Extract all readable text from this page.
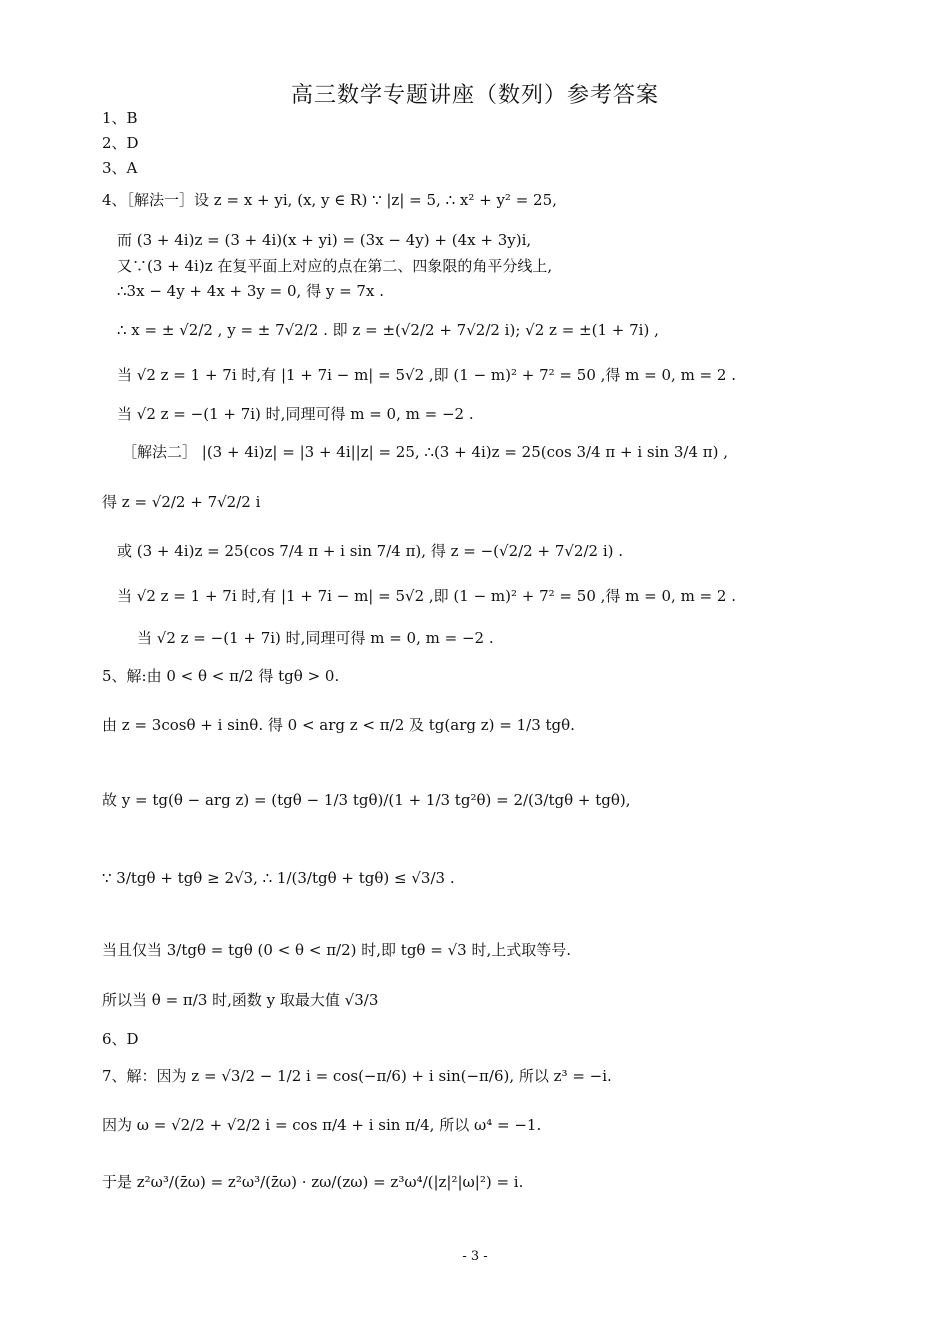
高三数学专题讲座（数列）参考答案
1、B
2、D
3、A
4、［解法一］设 z = x + yi, (x, y ∈ R) ∵ |z| = 5, ∴ x² + y² = 25,
而 (3 + 4i)z = (3 + 4i)(x + yi) = (3x − 4y) + (4x + 3y)i,
又∵(3 + 4i)z 在复平面上对应的点在第二、四象限的角平分线上,
∴3x − 4y + 4x + 3y = 0, 得 y = 7x .
∴ x = ± √2/2 , y = ± 7√2/2 . 即 z = ±(√2/2 + 7√2/2 i); √2 z = ±(1 + 7i) ,
当 √2 z = 1 + 7i 时,有 |1 + 7i − m| = 5√2 ,即 (1 − m)² + 7² = 50 ,得 m = 0, m = 2 .
当 √2 z = −(1 + 7i) 时,同理可得 m = 0, m = −2 .
［解法二］ |(3 + 4i)z| = |3 + 4i||z| = 25, ∴(3 + 4i)z = 25(cos 3/4 π + i sin 3/4 π) ,
得 z = √2/2 + 7√2/2 i
或 (3 + 4i)z = 25(cos 7/4 π + i sin 7/4 π), 得 z = −(√2/2 + 7√2/2 i) .
当 √2 z = 1 + 7i 时,有 |1 + 7i − m| = 5√2 ,即 (1 − m)² + 7² = 50 ,得 m = 0, m = 2 .
当 √2 z = −(1 + 7i) 时,同理可得 m = 0, m = −2 .
5、解:由 0 < θ < π/2 得 tgθ > 0.
由 z = 3cosθ + i sinθ. 得 0 < arg z < π/2 及 tg(arg z) = 1/3 tgθ.
故 y = tg(θ − arg z) = (tgθ − 1/3 tgθ)/(1 + 1/3 tg²θ) = 2/(3/tgθ + tgθ),
∵ 3/tgθ + tgθ ≥ 2√3, ∴ 1/(3/tgθ + tgθ) ≤ √3/3 .
当且仅当 3/tgθ = tgθ (0 < θ < π/2) 时,即 tgθ = √3 时,上式取等号.
所以当 θ = π/3 时,函数 y 取最大值 √3/3
6、D
7、解：因为 z = √3/2 − 1/2 i = cos(−π/6) + i sin(−π/6), 所以 z³ = −i.
因为 ω = √2/2 + √2/2 i = cos π/4 + i sin π/4, 所以 ω⁴ = −1.
于是 z²ω³/(z̄ω) = z²ω³/(z̄ω) · zω/(zω) = z³ω⁴/(|z|²|ω|²) = i.
- 3 -
